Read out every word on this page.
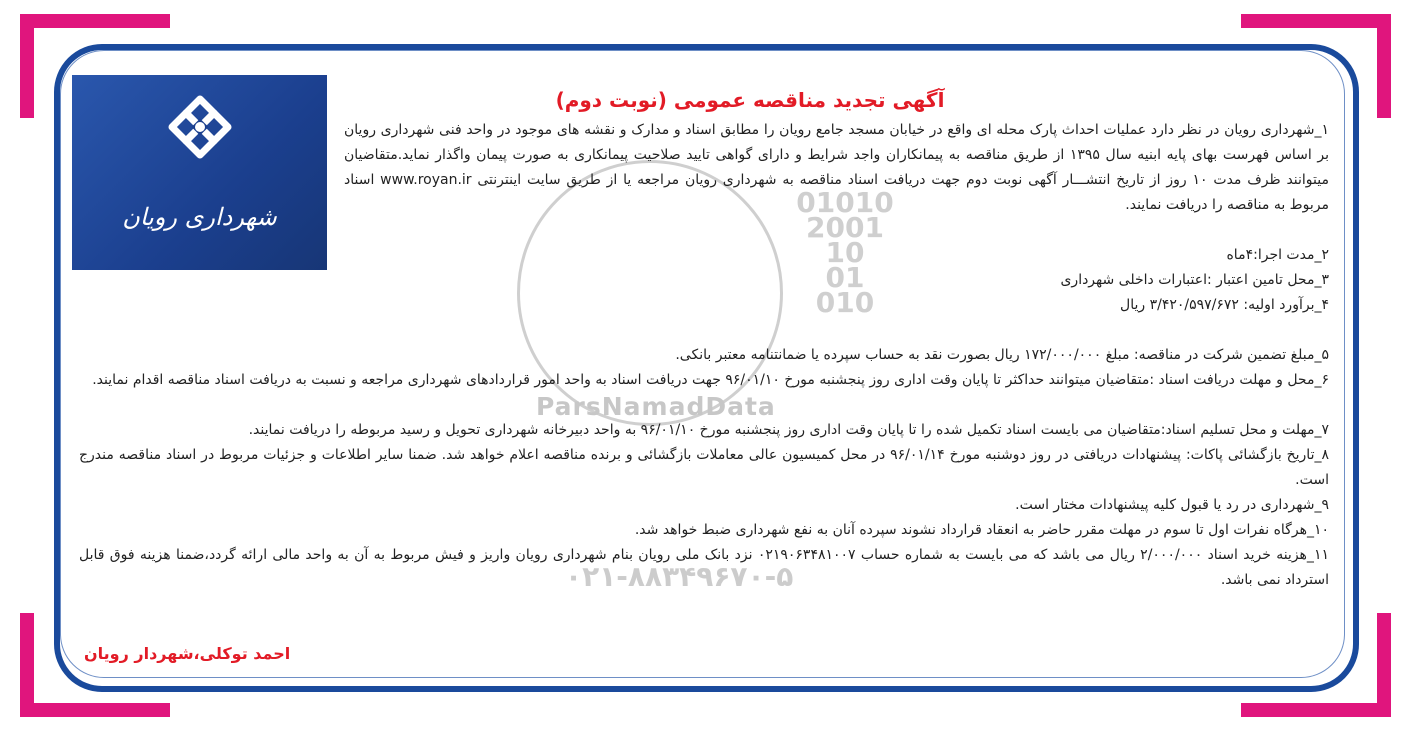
01010
2001
10
01
010
ParsNamadData
۰۲۱-۸۸۳۴۹۶۷۰-۵
شهرداری رویان
آگهی تجدید مناقصه عمومی (نوبت دوم)
۱_شهرداری رویان در نظر دارد عملیات احداث پارک محله ای واقع در خیابان مسجد جامع رویان را مطابق اسناد و مدارک و نقشه های موجود در واحد فنی شهرداری رویان بر اساس فهرست بهای پایه ابنیه سال ۱۳۹۵ از طریق مناقصه به پیمانکاران واجد شرایط و دارای گواهی تایید صلاحیت پیمانکاری به صورت پیمان واگذار نماید.متقاضیان میتوانند ظرف مدت ۱۰ روز از تاریخ انتشـــار آگهی نوبت دوم جهت دریافت اسناد مناقصه به شهرداری رویان مراجعه یا از طریق سایت اینترنتی www.royan.ir اسناد مربوط به مناقصه را دریافت نمایند.
۲_مدت اجرا:۴ماه
۳_محل تامین اعتبار :اعتبارات داخلی شهرداری
۴_برآورد اولیه: ۳/۴۲۰/۵۹۷/۶۷۲ ریال
۵_مبلغ تضمین شرکت در مناقصه: مبلغ ۱۷۲/۰۰۰/۰۰۰ ریال بصورت نقد به حساب سپرده یا ضمانتنامه معتبر بانکی.
۶_محل و مهلت دریافت اسناد :متقاضیان میتوانند حداکثر تا پایان وقت اداری روز پنجشنبه مورخ ۹۶/۰۱/۱۰ جهت دریافت اسناد به واحد امور قراردادهای شهرداری مراجعه و نسبت به دریافت اسناد مناقصه اقدام نمایند.
۷_مهلت و محل تسلیم اسناد:متقاضیان می بایست اسناد تکمیل شده را تا پایان وقت اداری روز پنجشنبه مورخ ۹۶/۰۱/۱۰ به واحد دبیرخانه شهرداری تحویل و رسید مربوطه را دریافت نمایند.
۸_تاریخ بازگشائی پاکات: پیشنهادات دریافتی در روز دوشنبه مورخ ۹۶/۰۱/۱۴ در محل کمیسیون عالی معاملات بازگشائی و برنده مناقصه اعلام خواهد شد. ضمنا سایر اطلاعات و جزئیات مربوط در اسناد مناقصه مندرج است.
۹_شهرداری در رد یا قبول کلیه پیشنهادات مختار است.
۱۰_هرگاه نفرات اول تا سوم در مهلت مقرر حاضر به انعقاد قرارداد نشوند سپرده آنان به نفع شهرداری ضبط خواهد شد.
۱۱_هزینه خرید اسناد ۲/۰۰۰/۰۰۰ ریال می باشد که می بایست به شماره حساب ۰۲۱۹۰۶۳۴۸۱۰۰۷ نزد بانک ملی رویان بنام شهرداری رویان واریز و فیش مربوط به آن به واحد مالی ارائه گردد،ضمنا هزینه فوق قابل استرداد نمی باشد.
احمد توکلی،شهردار رویان
